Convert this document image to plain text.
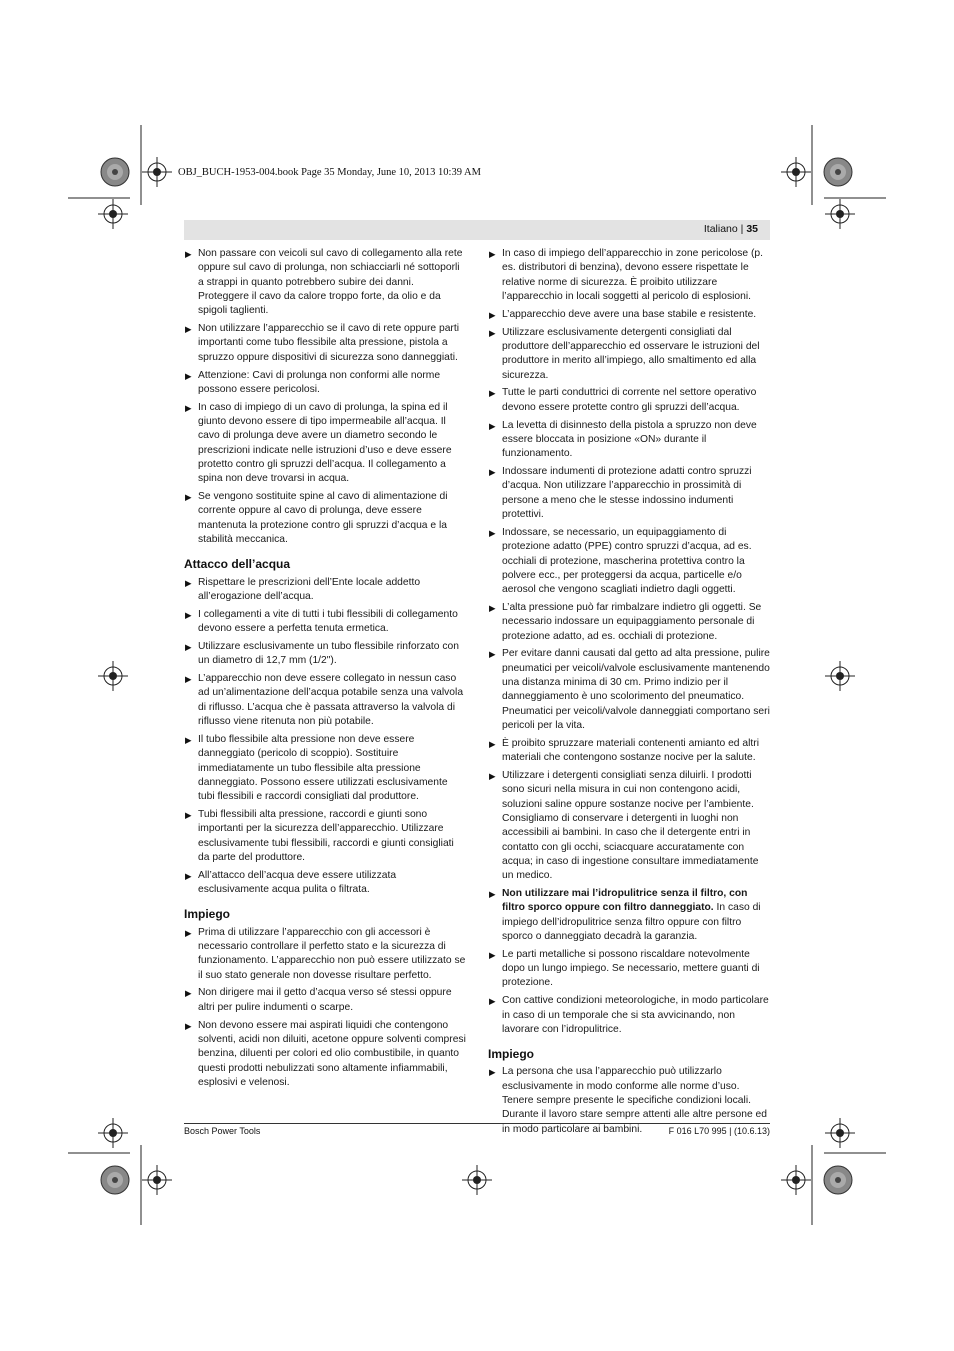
OBJ_BUCH-1953-004.book Page 35 Monday, June 10, 2013 10:39 AM
Italiano | 35
▶ Non passare con veicoli sul cavo di collegamento alla rete oppure sul cavo di prolunga, non schiacciarli né sottoporli a strappi in quanto potrebbero subire dei danni. Proteggere il cavo da calore troppo forte, da olio e da spigoli taglienti.
▶ Non utilizzare l’apparecchio se il cavo di rete oppure parti importanti come tubo flessibile alta pressione, pistola a spruzzo oppure dispositivi di sicurezza sono danneggiati.
▶ Attenzione: Cavi di prolunga non conformi alle norme possono essere pericolosi.
▶ In caso di impiego di un cavo di prolunga, la spina ed il giunto devono essere di tipo impermeabile all’acqua. Il cavo di prolunga deve avere un diametro secondo le prescrizioni indicate nelle istruzioni d’uso e deve essere protetto contro gli spruzzi dell’acqua. Il collegamento a spina non deve trovarsi in acqua.
▶ Se vengono sostituite spine al cavo di alimentazione di corrente oppure al cavo di prolunga, deve essere mantenuta la protezione contro gli spruzzi d’acqua e la stabilità meccanica.
Attacco dell’acqua
▶ Rispettare le prescrizioni dell’Ente locale addetto all’erogazione dell’acqua.
▶ I collegamenti a vite di tutti i tubi flessibili di collegamento devono essere a perfetta tenuta ermetica.
▶ Utilizzare esclusivamente un tubo flessibile rinforzato con un diametro di 12,7 mm (1/2").
▶ L’apparecchio non deve essere collegato in nessun caso ad un’alimentazione dell’acqua potabile senza una valvola di riflusso. L’acqua che è passata attraverso la valvola di riflusso viene ritenuta non più potabile.
▶ Il tubo flessibile alta pressione non deve essere danneggiato (pericolo di scoppio). Sostituire immediatamente un tubo flessibile alta pressione danneggiato. Possono essere utilizzati esclusivamente tubi flessibili e raccordi consigliati dal produttore.
▶ Tubi flessibili alta pressione, raccordi e giunti sono importanti per la sicurezza dell’apparecchio. Utilizzare esclusivamente tubi flessibili, raccordi e giunti consigliati da parte del produttore.
▶ All’attacco dell’acqua deve essere utilizzata esclusivamente acqua pulita o filtrata.
Impiego
▶ Prima di utilizzare l’apparecchio con gli accessori è necessario controllare il perfetto stato e la sicurezza di funzionamento. L’apparecchio non può essere utilizzato se il suo stato generale non dovesse risultare perfetto.
▶ Non dirigere mai il getto d’acqua verso sé stessi oppure altri per pulire indumenti o scarpe.
▶ Non devono essere mai aspirati liquidi che contengono solventi, acidi non diluiti, acetone oppure solventi compresi benzina, diluenti per colori ed olio combustibile, in quanto questi prodotti nebulizzati sono altamente infiammabili, esplosivi e velenosi.
▶ In caso di impiego dell’apparecchio in zone pericolose (p. es. distributori di benzina), devono essere rispettate le relative norme di sicurezza. È proibito utilizzare l’apparecchio in locali soggetti al pericolo di esplosioni.
▶ L’apparecchio deve avere una base stabile e resistente.
▶ Utilizzare esclusivamente detergenti consigliati dal produttore dell’apparecchio ed osservare le istruzioni del produttore in merito all’impiego, allo smaltimento ed alla sicurezza.
▶ Tutte le parti conduttrici di corrente nel settore operativo devono essere protette contro gli spruzzi dell’acqua.
▶ La levetta di disinnesto della pistola a spruzzo non deve essere bloccata in posizione «ON» durante il funzionamento.
▶ Indossare indumenti di protezione adatti contro spruzzi d’acqua. Non utilizzare l’apparecchio in prossimità di persone a meno che le stesse indossino indumenti protettivi.
▶ Indossare, se necessario, un equipaggiamento di protezione adatto (PPE) contro spruzzi d’acqua, ad es. occhiali di protezione, mascherina protettiva contro la polvere ecc., per proteggersi da acqua, particelle e/o aerosol che vengono scagliati indietro dagli oggetti.
▶ L’alta pressione può far rimbalzare indietro gli oggetti. Se necessario indossare un equipaggiamento personale di protezione adatto, ad es. occhiali di protezione.
▶ Per evitare danni causati dal getto ad alta pressione, pulire pneumatici per veicoli/valvole esclusivamente mantenendo una distanza minima di 30 cm. Primo indizio per il danneggiamento è uno scolorimento del pneumatico. Pneumatici per veicoli/valvole danneggiati comportano seri pericoli per la vita.
▶ È proibito spruzzare materiali contenenti amianto ed altri materiali che contengono sostanze nocive per la salute.
▶ Utilizzare i detergenti consigliati senza diluirli. I prodotti sono sicuri nella misura in cui non contengono acidi, soluzioni saline oppure sostanze nocive per l’ambiente. Consigliamo di conservare i detergenti in luoghi non accessibili ai bambini. In caso che il detergente entri in contatto con gli occhi, sciacquare accuratamente con acqua; in caso di ingestione consultare immediatamente un medico.
▶ Non utilizzare mai l’idropulitrice senza il filtro, con filtro sporco oppure con filtro danneggiato. In caso di impiego dell’idropulitrice senza filtro oppure con filtro sporco o danneggiato decadrà la garanzia.
▶ Le parti metalliche si possono riscaldare notevolmente dopo un lungo impiego. Se necessario, mettere guanti di protezione.
▶ Con cattive condizioni meteorologiche, in modo particolare in caso di un temporale che si sta avvicinando, non lavorare con l’idropulitrice.
Impiego
▶ La persona che usa l’apparecchio può utilizzarlo esclusivamente in modo conforme alle norme d’uso. Tenere sempre presente le specifiche condizioni locali. Durante il lavoro stare sempre attenti alle altre persone ed in modo particolare ai bambini.
Bosch Power Tools	F 016 L70 995 | (10.6.13)
